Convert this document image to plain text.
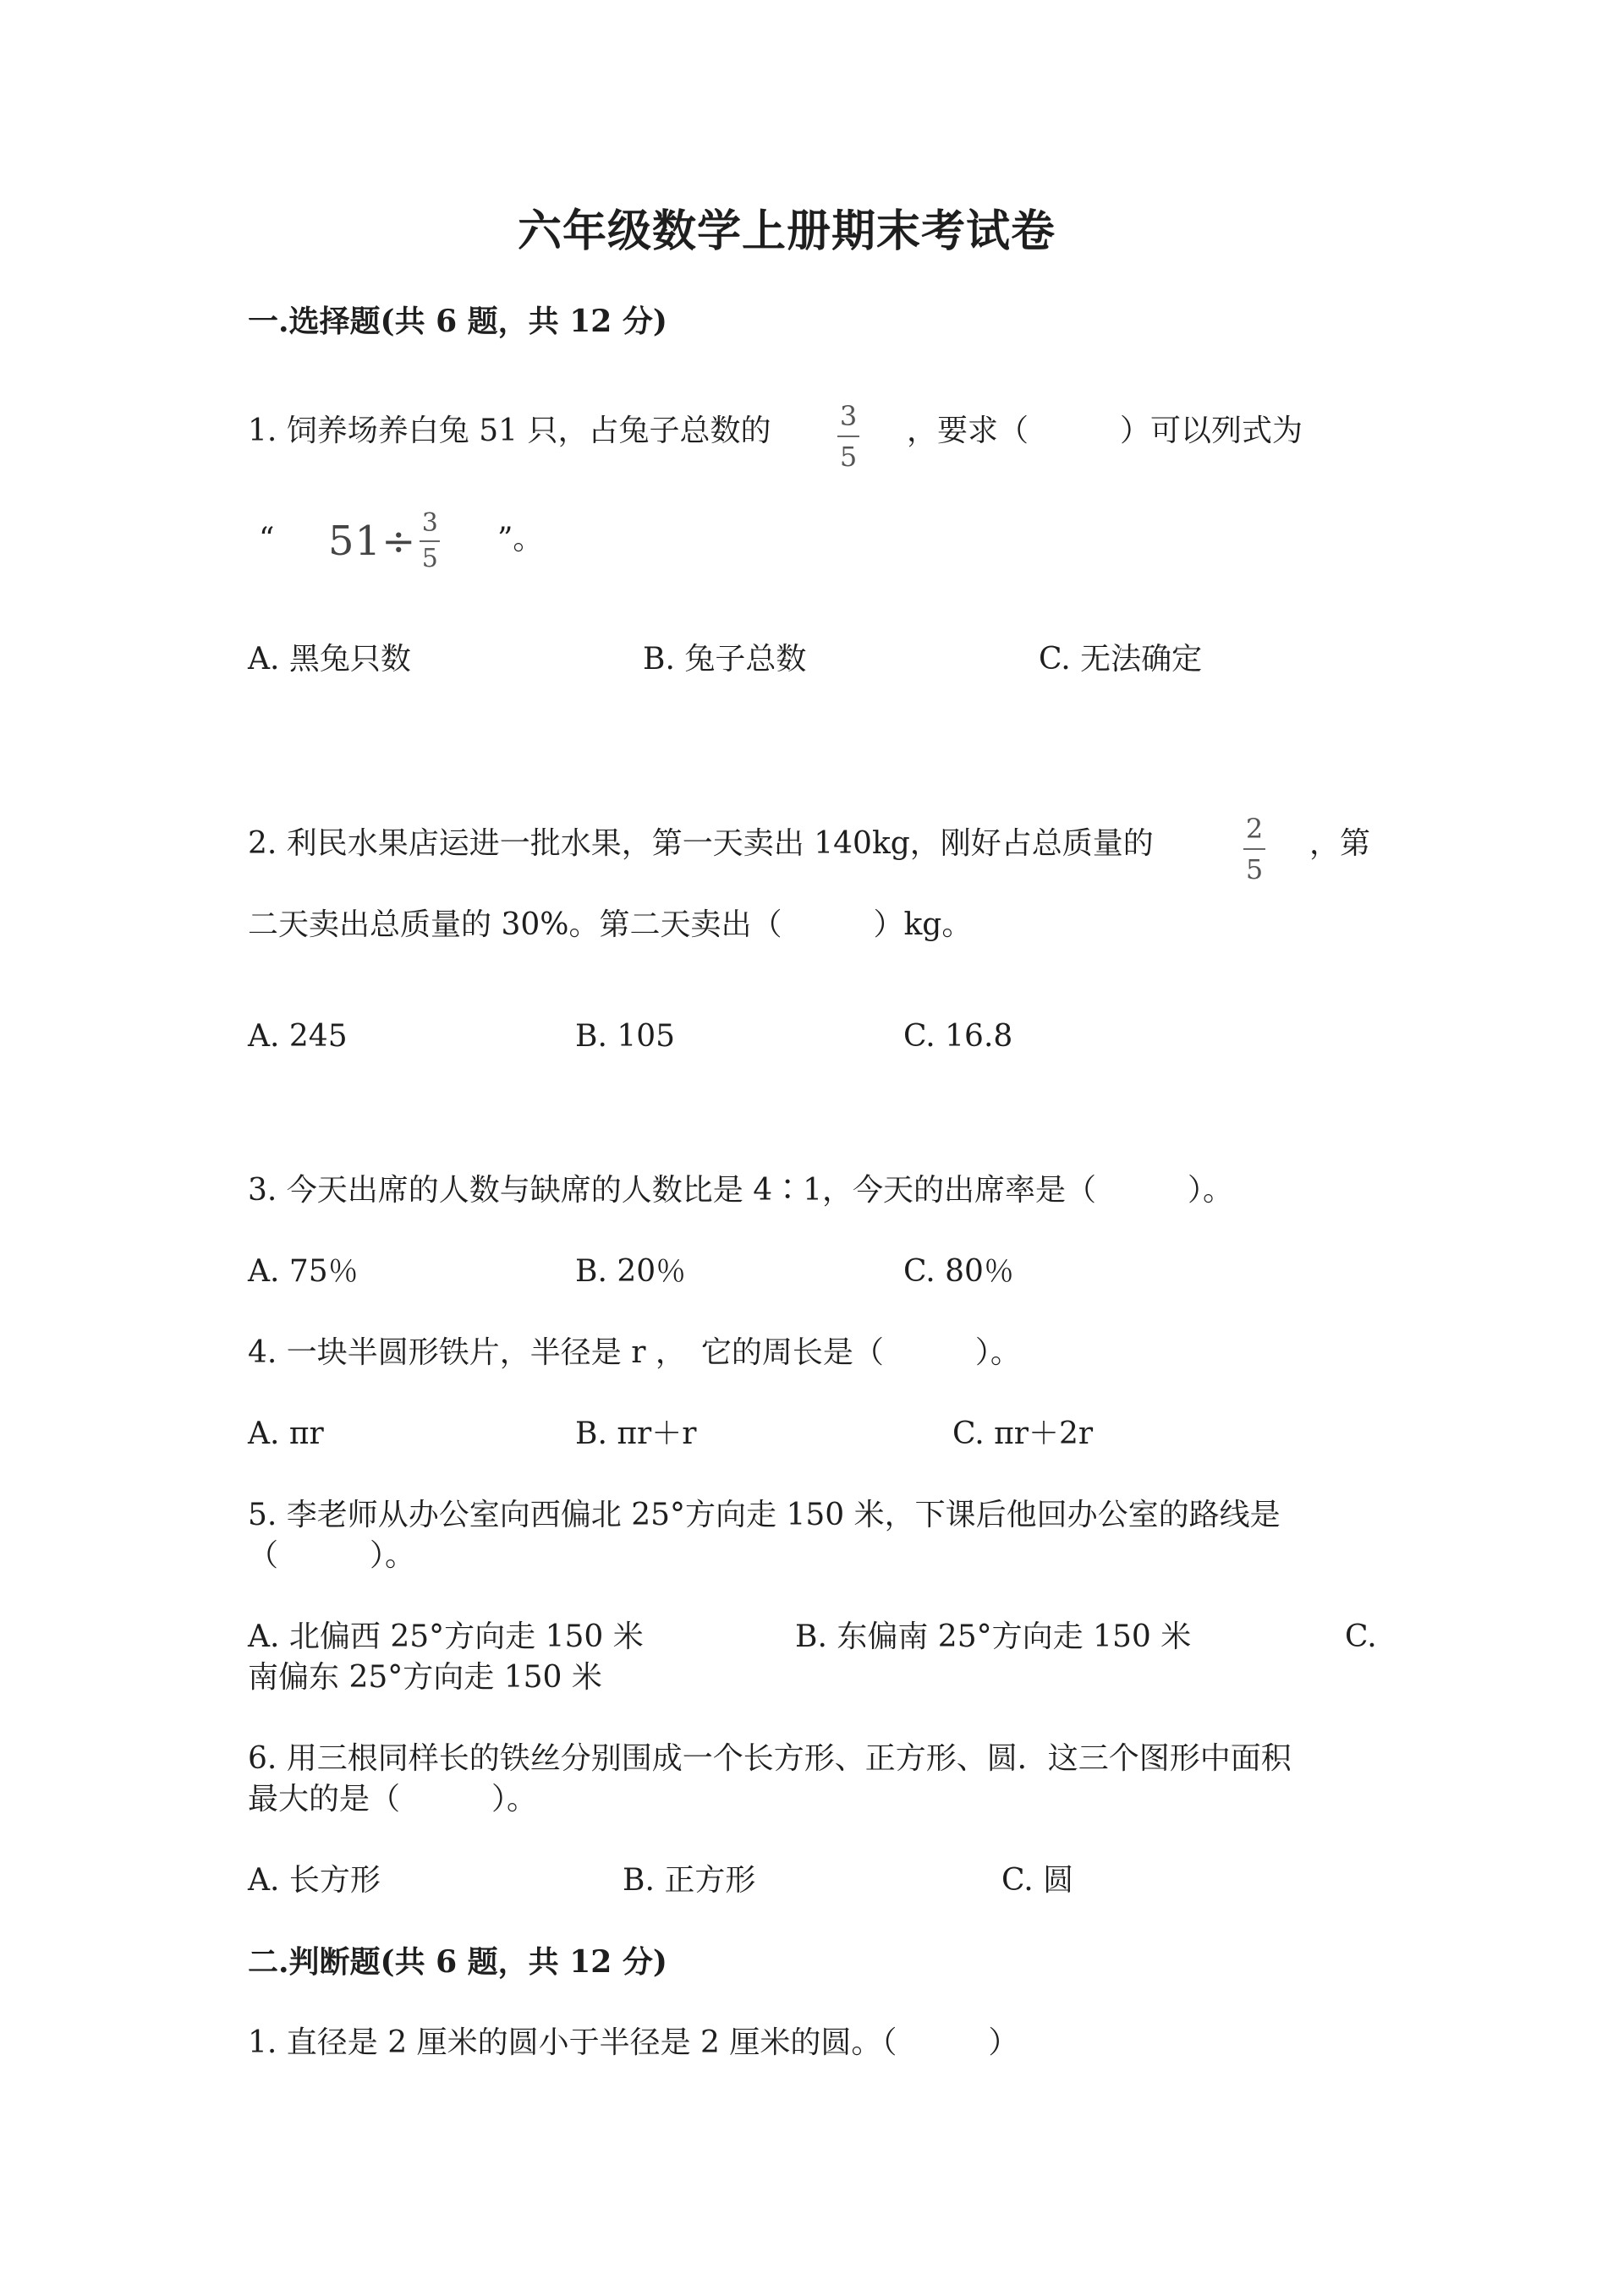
六年级数学上册期末考试卷
一.选择题(共 6 题，共 12 分)
1. 饲养场养白兔 51 只，占兔子总数的	3
5
，要求（　　　）可以列式为
“ $51\div \frac{3}{5}$ ”。
A. 黑兔只数	B. 兔子总数	C. 无法确定
2. 利民水果店运进一批水果，第一天卖出 140kg，刚好占总质量的	2
5
，第
二天卖出总质量的 30%。第二天卖出（　　　）kg。
A. 245	B. 105	C. 16.8
3. 今天出席的人数与缺席的人数比是 4∶1，今天的出席率是（　　　）。
A. 75％	B. 20％	C. 80％
4. 一块半圆形铁片，半径是 r ，　它的周长是（　　　）。
A. πr	B. πr＋r	C. πr＋2r
5. 李老师从办公室向西偏北 25°方向走 150 米，下课后他回办公室的路线是
（　　　）。
A. 北偏西 25°方向走 150 米	B. 东偏南 25°方向走 150 米	C.
南偏东 25°方向走 150 米
6. 用三根同样长的铁丝分别围成一个长方形、正方形、圆．这三个图形中面积
最大的是（　　　）。
A. 长方形	B. 正方形	C. 圆
二.判断题(共 6 题，共 12 分)
1. 直径是 2 厘米的圆小于半径是 2 厘米的圆。（　　　）
